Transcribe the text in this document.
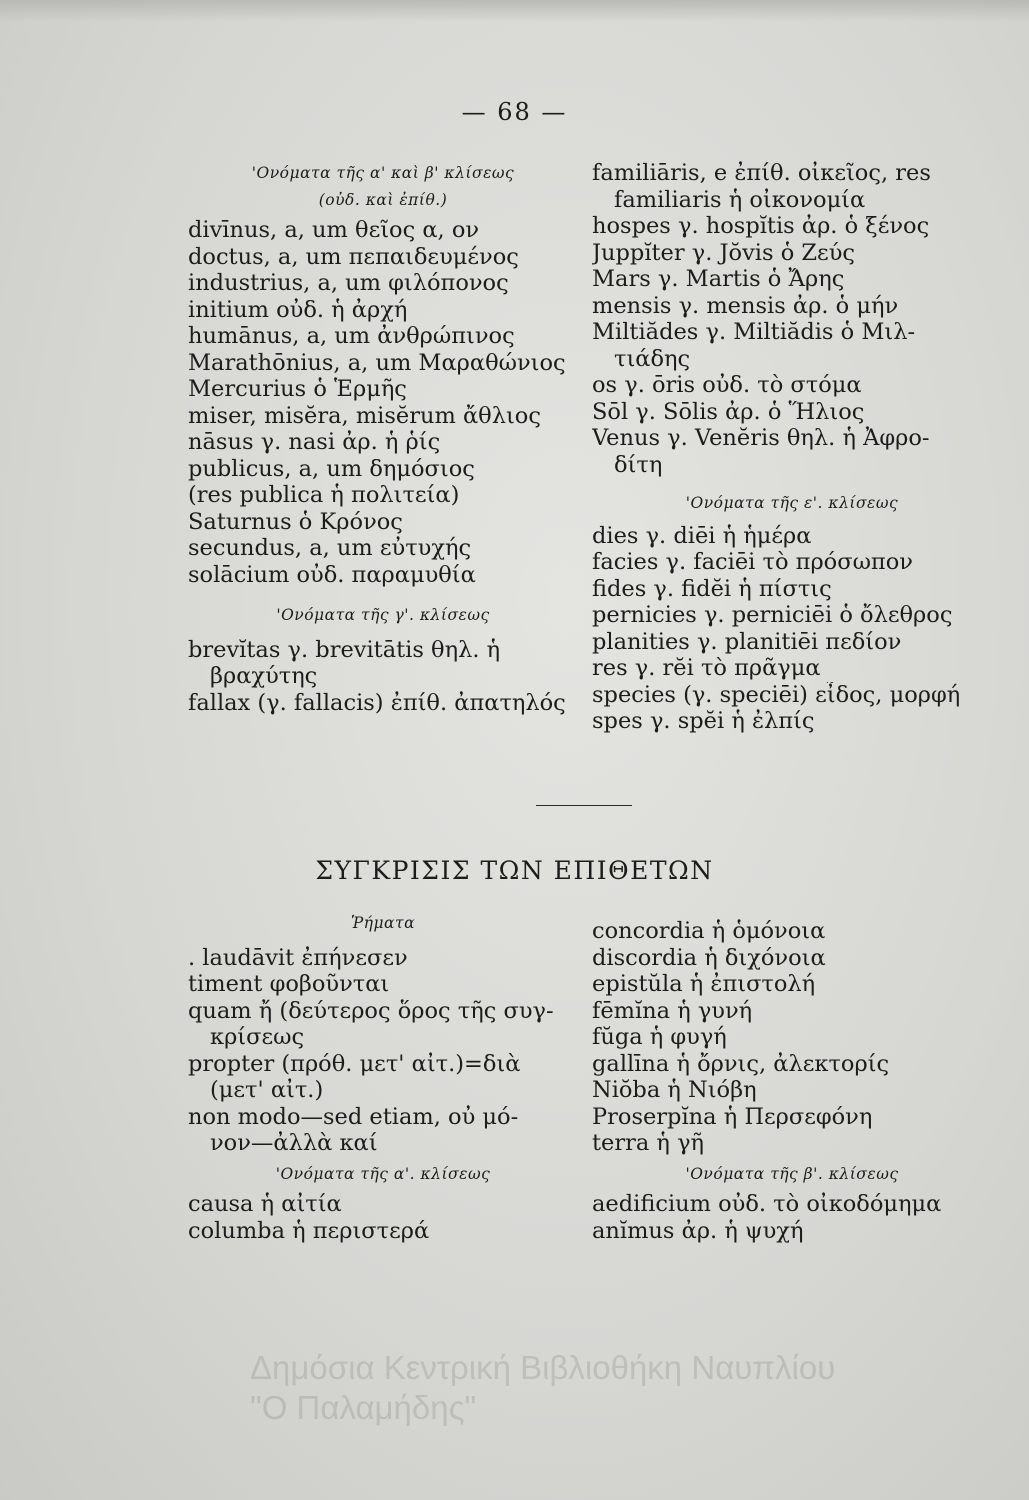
— 68 —
'Ονόματα τῆς α' καὶ β' κλίσεως
(οὐδ. καὶ ἐπίθ.)
divīnus, a, um θεῖος α, ον
doctus, a, um πεπαιδευμένος
industrius, a, um φιλόπονος
initium οὐδ. ἡ ἀρχή
humānus, a, um ἀνθρώπινος
Marathōnius, a, um Μαραθώνιος
Mercurius ὁ Ἑρμῆς
miser, misĕra, misĕrum ἄθλιος
nāsus γ. nasi ἀρ. ἡ ῥίς
publicus, a, um δημόσιος
(res publica ἡ πολιτεία)
Saturnus ὁ Κρόνος
secundus, a, um εὐτυχής
solācium οὐδ. παραμυθία
'Ονόματα τῆς γ'. κλίσεως
brevĭtas γ. brevitātis θηλ. ἡ
βραχύτης
fallax (γ. fallacis) ἐπίθ. ἀπατηλός
familiāris, e ἐπίθ. οἰκεῖος, res
familiaris ἡ οἰκονομία
hospes γ. hospĭtis ἀρ. ὁ ξένος
Juppĭter γ. Jŏvis ὁ Ζεύς
Mars γ. Martis ὁ Ἄρης
mensis γ. mensis ἀρ. ὁ μήν
Miltiădes γ. Miltiădis ὁ Μιλ-
τιάδης
os γ. ōris οὐδ. τὸ στόμα
Sōl γ. Sōlis ἀρ. ὁ Ἥλιος
Venus γ. Venĕris θηλ. ἡ Ἀφρο-
δίτη
'Ονόματα τῆς ε'. κλίσεως
dies γ. diēi ἡ ἡμέρα
facies γ. faciēi τὸ πρόσωπον
fides γ. fidĕi ἡ πίστις
pernicies γ. perniciēi ὁ ὄλεθρος
planities γ. planitiēi πεδίον
res γ. rĕi τὸ πρᾶγμα
species (γ. speciēi) εἶδος, μορφή
spes γ. spĕi ἡ ἐλπίς
ΣΥΓΚΡΙΣΙΣ ΤΩΝ ΕΠΙΘΕΤΩΝ
Ῥήματα
. laudāvit ἐπήνεσεν
timent φοβοῦνται
quam ἤ (δεύτερος ὅρος τῆς συγ-
κρίσεως
propter (πρόθ. μετ' αἰτ.)=διὰ
(μετ' αἰτ.)
non modo—sed etiam, οὐ μό-
νον—ἀλλὰ καί
'Ονόματα τῆς α'. κλίσεως
causa ἡ αἰτία
columba ἡ περιστερά
concordia ἡ ὁμόνοια
discordia ἡ διχόνοια
epistŭla ἡ ἐπιστολή
fēmĭna ἡ γυνή
fŭga ἡ φυγή
gallīna ἡ ὄρνις, ἀλεκτορίς
Niŏba ἡ Νιόβη
Proserpĭna ἡ Περσεφόνη
terra ἡ γῆ
'Ονόματα τῆς β'. κλίσεως
aedificium οὐδ. τὸ οἰκοδόμημα
anĭmus ἀρ. ἡ ψυχή
Δημόσια Κεντρική Βιβλιοθήκη Ναυπλίου
"Ο Παλαμήδης"
